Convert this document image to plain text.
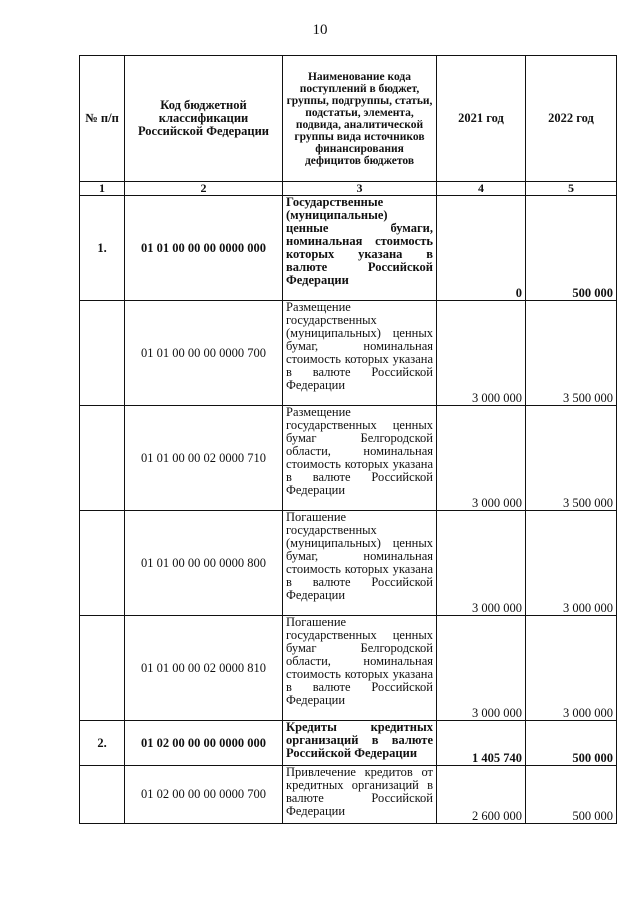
10
№ п/п	Код бюджетной классификации Российской Федерации	Наименование кода поступлений в бюджет, группы, подгруппы, статьи, подстатьи, элемента, подвида, аналитической группы вида источников финансирования дефицитов бюджетов	2021 год	2022 год
1	2	3	4	5
1.	01 01 00 00 00 0000 000	Государственные (муниципальные) ценные бумаги, номинальная стоимость которых указана в валюте Российской Федерации	0	500 000
	01 01 00 00 00 0000 700	Размещение государственных (муниципальных) ценных бумаг, номинальная стоимость которых указана в валюте Российской Федерации	3 000 000	3 500 000
	01 01 00 00 02 0000 710	Размещение государственных ценных бумаг Белгородской области, номинальная стоимость которых указана в валюте Российской Федерации	3 000 000	3 500 000
	01 01 00 00 00 0000 800	Погашение государственных (муниципальных) ценных бумаг, номинальная стоимость которых указана в валюте Российской Федерации	3 000 000	3 000 000
	01 01 00 00 02 0000 810	Погашение государственных ценных бумаг Белгородской области, номинальная стоимость которых указана в валюте Российской Федерации	3 000 000	3 000 000
2.	01 02 00 00 00 0000 000	Кредиты кредитных организаций в валюте Российской Федерации	1 405 740	500 000
	01 02 00 00 00 0000 700	Привлечение кредитов от кредитных организаций в валюте Российской Федерации	2 600 000	500 000
